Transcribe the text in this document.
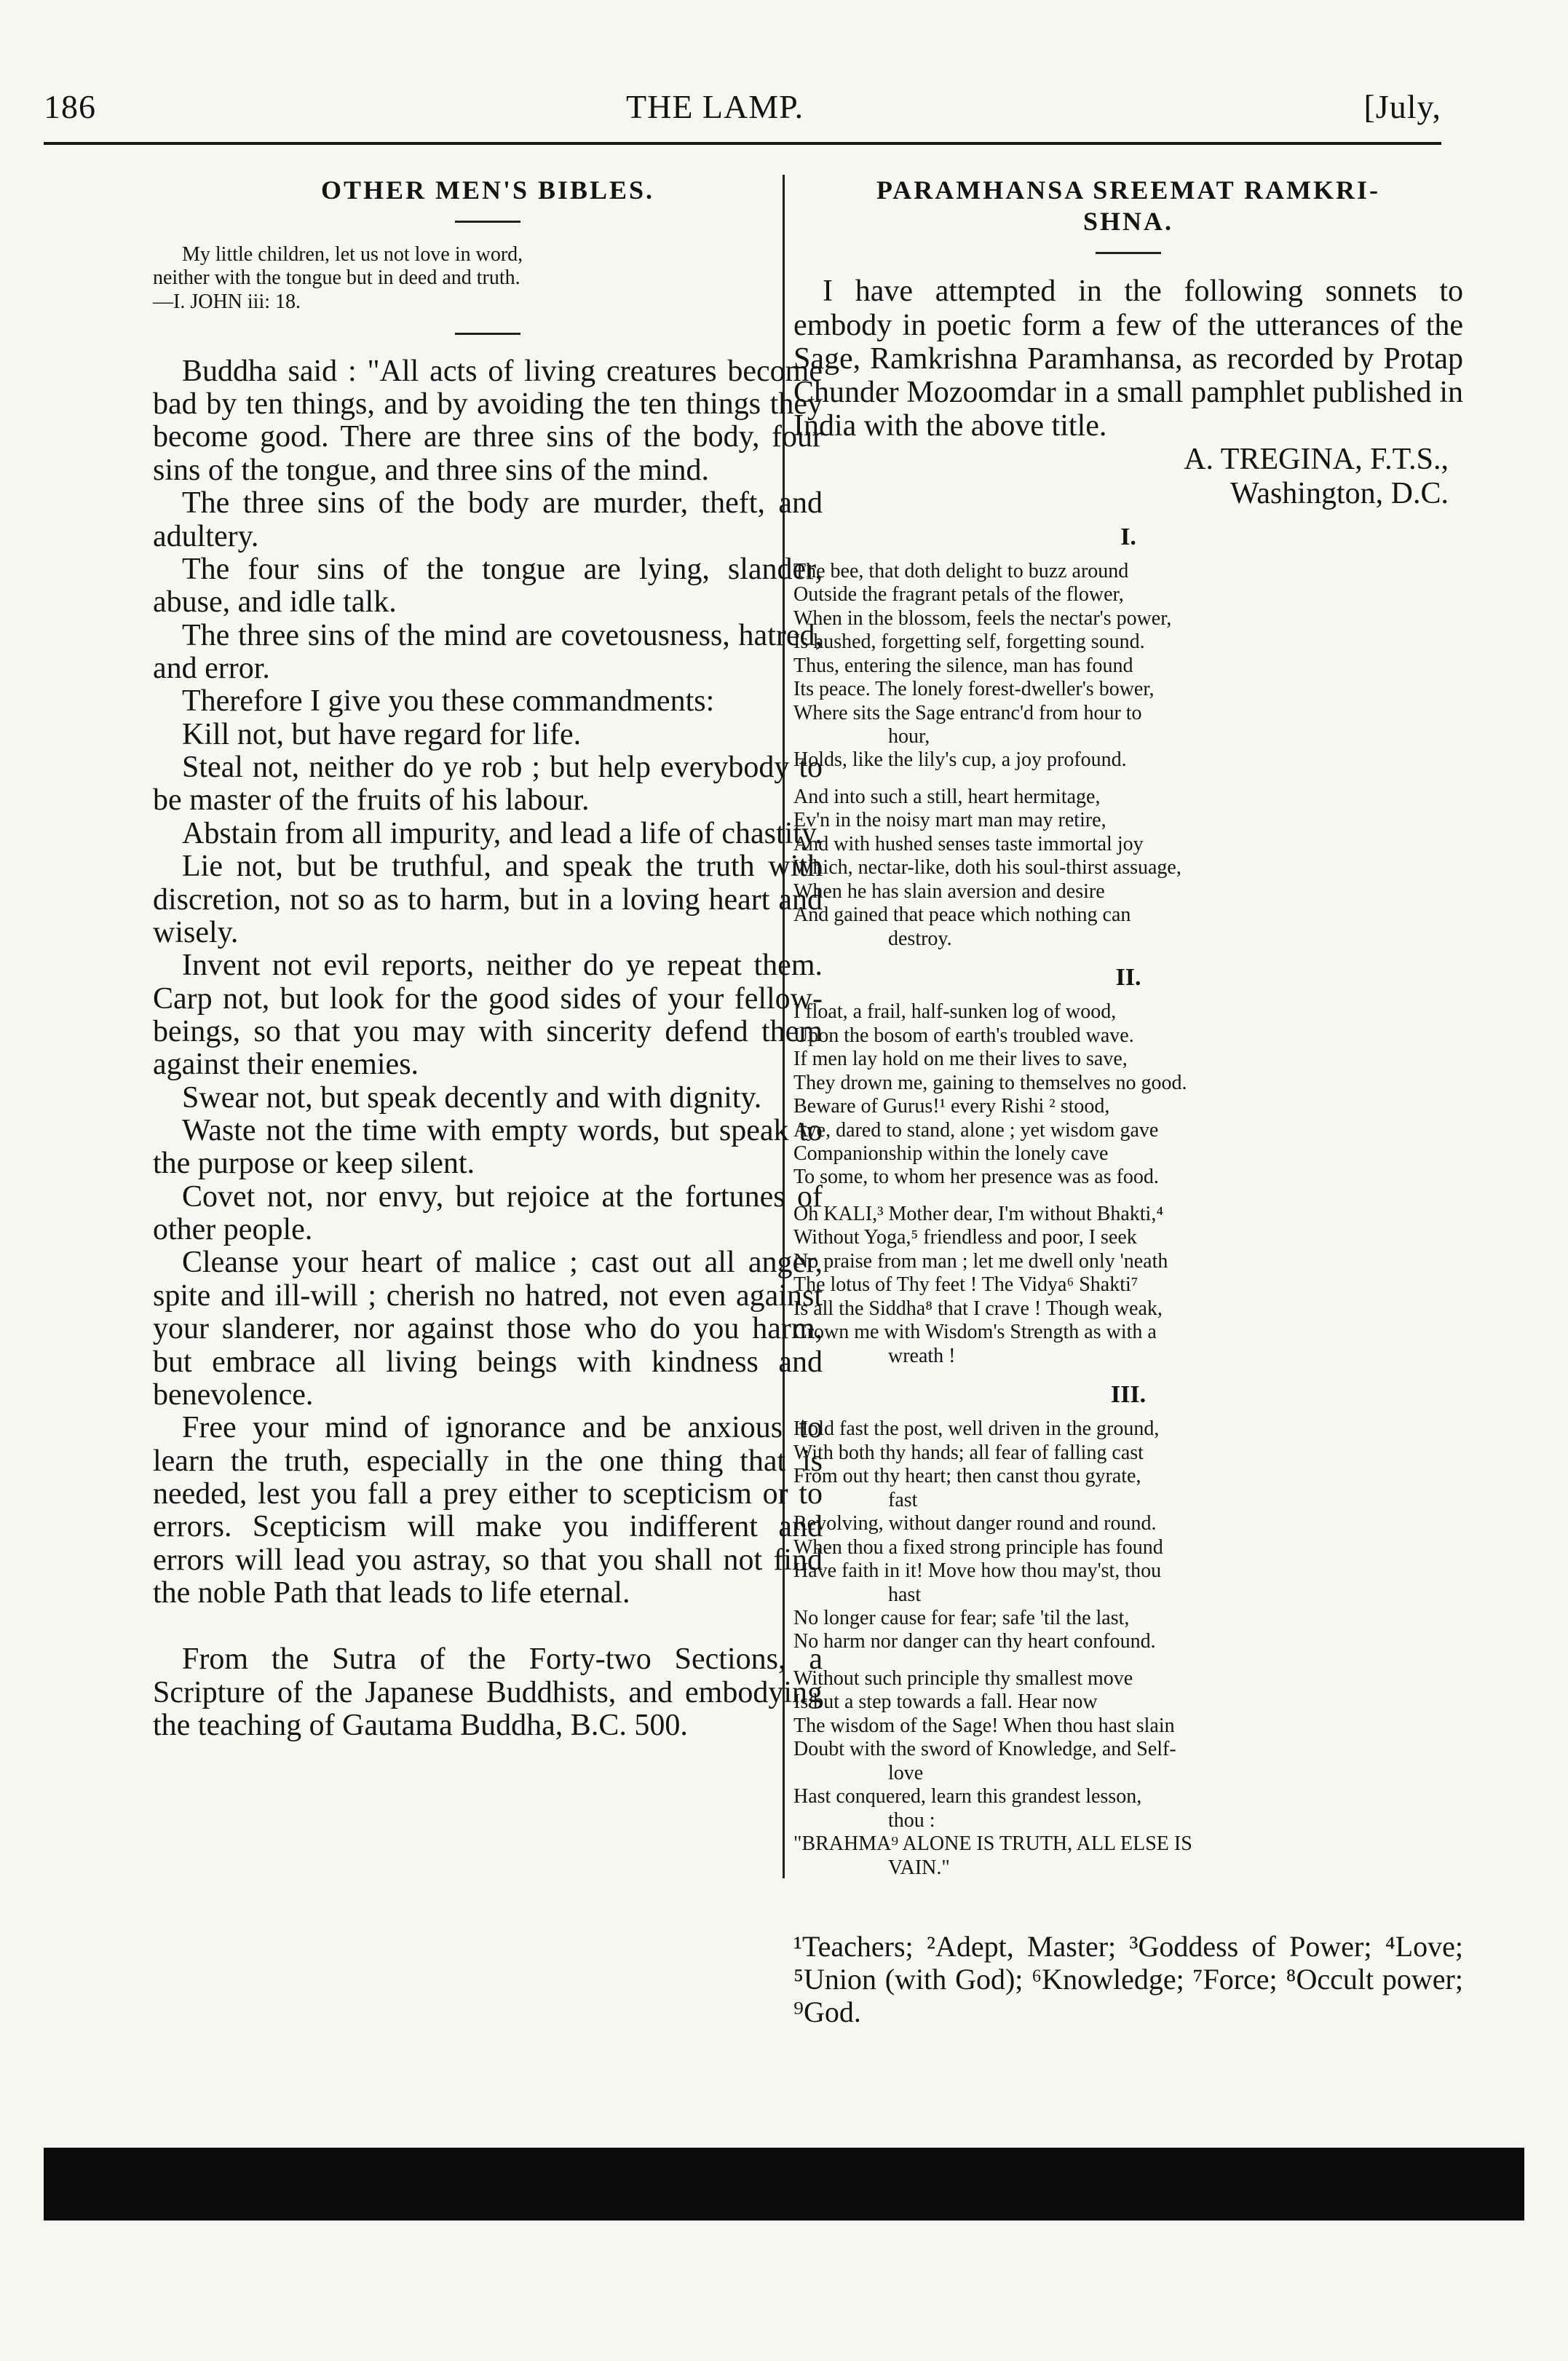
186	THE LAMP.	[July,
OTHER MEN'S BIBLES.

My little children, let us not love in word,

neither with the tongue but in deed and truth.

—I. JOHN iii: 18.

Buddha said : "All acts of living creatures become bad by ten things, and by avoiding the ten things they become good. There are three sins of the body, four sins of the tongue, and three sins of the mind.

The three sins of the body are murder, theft, and adultery.

The four sins of the tongue are lying, slander, abuse, and idle talk.

The three sins of the mind are covetousness, hatred, and error.

Therefore I give you these commandments:

Kill not, but have regard for life.

Steal not, neither do ye rob ; but help everybody to be master of the fruits of his labour.

Abstain from all impurity, and lead a life of chastity.

Lie not, but be truthful, and speak the truth with discretion, not so as to harm, but in a loving heart and wisely.

Invent not evil reports, neither do ye repeat them. Carp not, but look for the good sides of your fellow-beings, so that you may with sincerity defend them against their enemies.

Swear not, but speak decently and with dignity.

Waste not the time with empty words, but speak to the purpose or keep silent.

Covet not, nor envy, but rejoice at the fortunes of other people.

Cleanse your heart of malice ; cast out all anger, spite and ill-will ; cherish no hatred, not even against your slanderer, nor against those who do you harm, but embrace all living beings with kindness and benevolence.

Free your mind of ignorance and be anxious to learn the truth, especially in the one thing that is needed, lest you fall a prey either to scepticism or to errors. Scepticism will make you indifferent and errors will lead you astray, so that you shall not find the noble Path that leads to life eternal.

From the Sutra of the Forty-two Sections, a Scripture of the Japanese Buddhists, and embodying the teaching of Gautama Buddha, B.C. 500.

PARAMHANSA SREEMAT RAMKRI-
SHNA.

I have attempted in the following sonnets to embody in poetic form a few of the utterances of the Sage, Ramkrishna Paramhansa, as recorded by Protap Chunder Mozoomdar in a small pamphlet published in India with the above title.

A. TREGINA, F.T.S.,
Washington, D.C.
I.
The bee, that doth delight to buzz around
Outside the fragrant petals of the flower,
When in the blossom, feels the nectar's power,
Is hushed, forgetting self, forgetting sound.
Thus, entering the silence, man has found
Its peace. The lonely forest-dweller's bower,
Where sits the Sage entranc'd from hour to
hour,
Holds, like the lily's cup, a joy profound.
And into such a still, heart hermitage,
Ev'n in the noisy mart man may retire,
And with hushed senses taste immortal joy
Which, nectar-like, doth his soul-thirst assuage,
When he has slain aversion and desire
And gained that peace which nothing can
destroy.
II.
I float, a frail, half-sunken log of wood,
Upon the bosom of earth's troubled wave.
If men lay hold on me their lives to save,
They drown me, gaining to themselves no good.
Beware of Gurus!¹ every Rishi ² stood,
Aye, dared to stand, alone ; yet wisdom gave
Companionship within the lonely cave
To some, to whom her presence was as food.
Oh KALI,³ Mother dear, I'm without Bhakti,⁴
Without Yoga,⁵ friendless and poor, I seek
No praise from man ; let me dwell only 'neath
The lotus of Thy feet ! The Vidya⁶ Shakti⁷
Is all the Siddha⁸ that I crave ! Though weak,
Crown me with Wisdom's Strength as with a
wreath !
III.
Hold fast the post, well driven in the ground,
With both thy hands; all fear of falling cast
From out thy heart; then canst thou gyrate,
fast
Revolving, without danger round and round.
When thou a fixed strong principle has found
Have faith in it! Move how thou may'st, thou
hast
No longer cause for fear; safe 'til the last,
No harm nor danger can thy heart confound.
Without such principle thy smallest move
Is but a step towards a fall. Hear now
The wisdom of the Sage! When thou hast slain
Doubt with the sword of Knowledge, and Self-
love
Hast conquered, learn this grandest lesson,
thou :
"BRAHMA⁹ ALONE IS TRUTH, ALL ELSE IS
VAIN."
¹Teachers; ²Adept, Master; ³Goddess of Power; ⁴Love; ⁵Union (with God); ⁶Knowledge; ⁷Force; ⁸Occult power; ⁹God.
